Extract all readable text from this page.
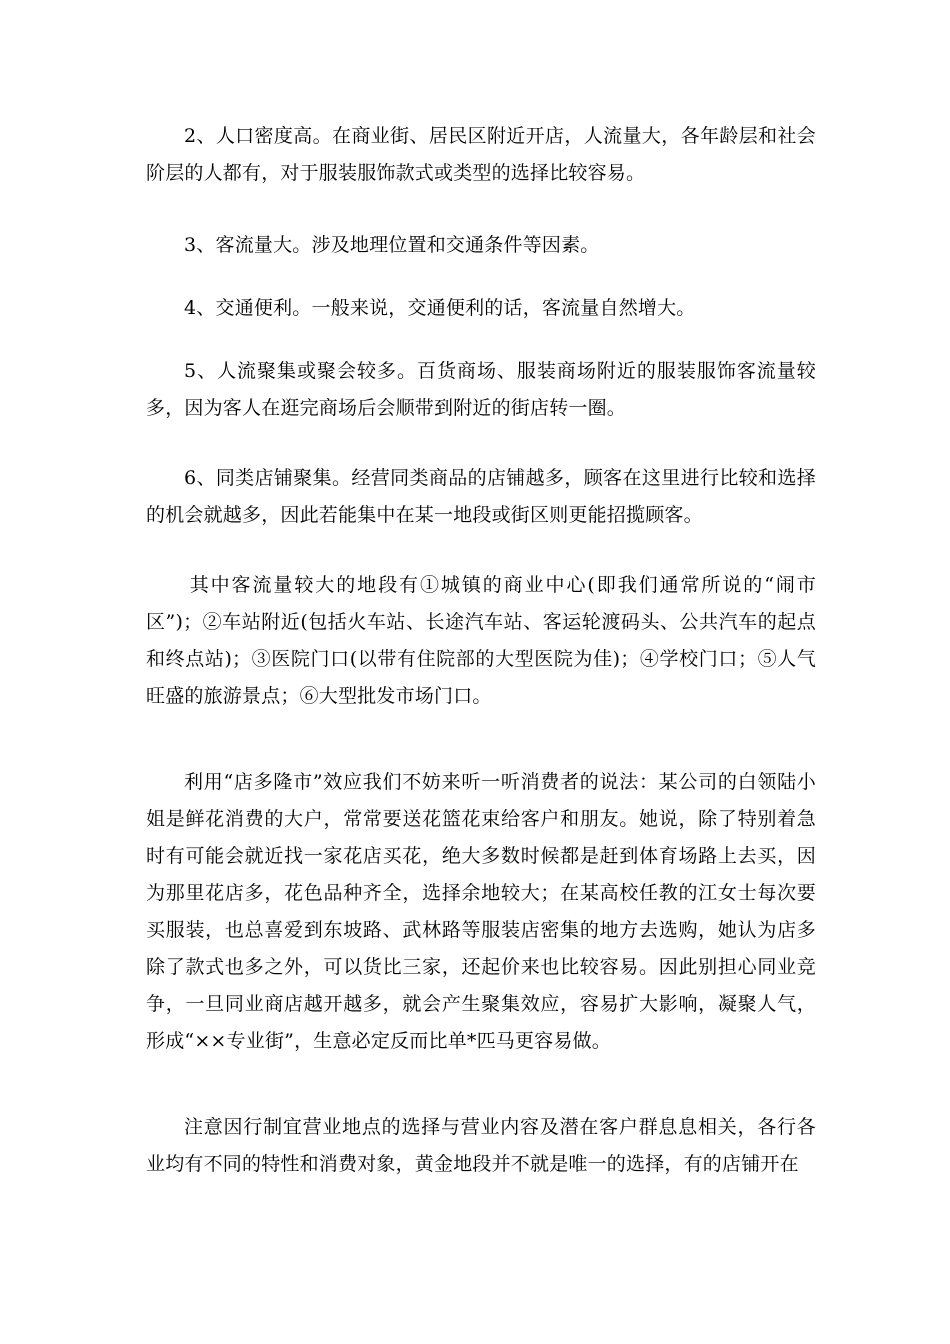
2、人口密度高。在商业街、居民区附近开店，人流量大，各年龄层和社会阶层的人都有，对于服装服饰款式或类型的选择比较容易。

3、客流量大。涉及地理位置和交通条件等因素。

4、交通便利。一般来说，交通便利的话，客流量自然增大。

5、人流聚集或聚会较多。百货商场、服装商场附近的服装服饰客流量较多，因为客人在逛完商场后会顺带到附近的街店转一圈。

6、同类店铺聚集。经营同类商品的店铺越多，顾客在这里进行比较和选择的机会就越多，因此若能集中在某一地段或街区则更能招揽顾客。

其中客流量较大的地段有①城镇的商业中心(即我们通常所说的“闹市区”)；②车站附近(包括火车站、长途汽车站、客运轮渡码头、公共汽车的起点和终点站)；③医院门口(以带有住院部的大型医院为佳)；④学校门口；⑤人气旺盛的旅游景点；⑥大型批发市场门口。

利用“店多隆市”效应我们不妨来听一听消费者的说法：某公司的白领陆小姐是鲜花消费的大户，常常要送花篮花束给客户和朋友。她说，除了特别着急时有可能会就近找一家花店买花，绝大多数时候都是赶到体育场路上去买，因为那里花店多，花色品种齐全，选择余地较大；在某高校任教的江女士每次要买服装，也总喜爱到东坡路、武林路等服装店密集的地方去选购，她认为店多除了款式也多之外，可以货比三家，还起价来也比较容易。因此别担心同业竞争，一旦同业商店越开越多，就会产生聚集效应，容易扩大影响，凝聚人气，形成“××专业街”，生意必定反而比单*匹马更容易做。

注意因行制宜营业地点的选择与营业内容及潜在客户群息息相关，各行各业均有不同的特性和消费对象，黄金地段并不就是唯一的选择，有的店铺开在
